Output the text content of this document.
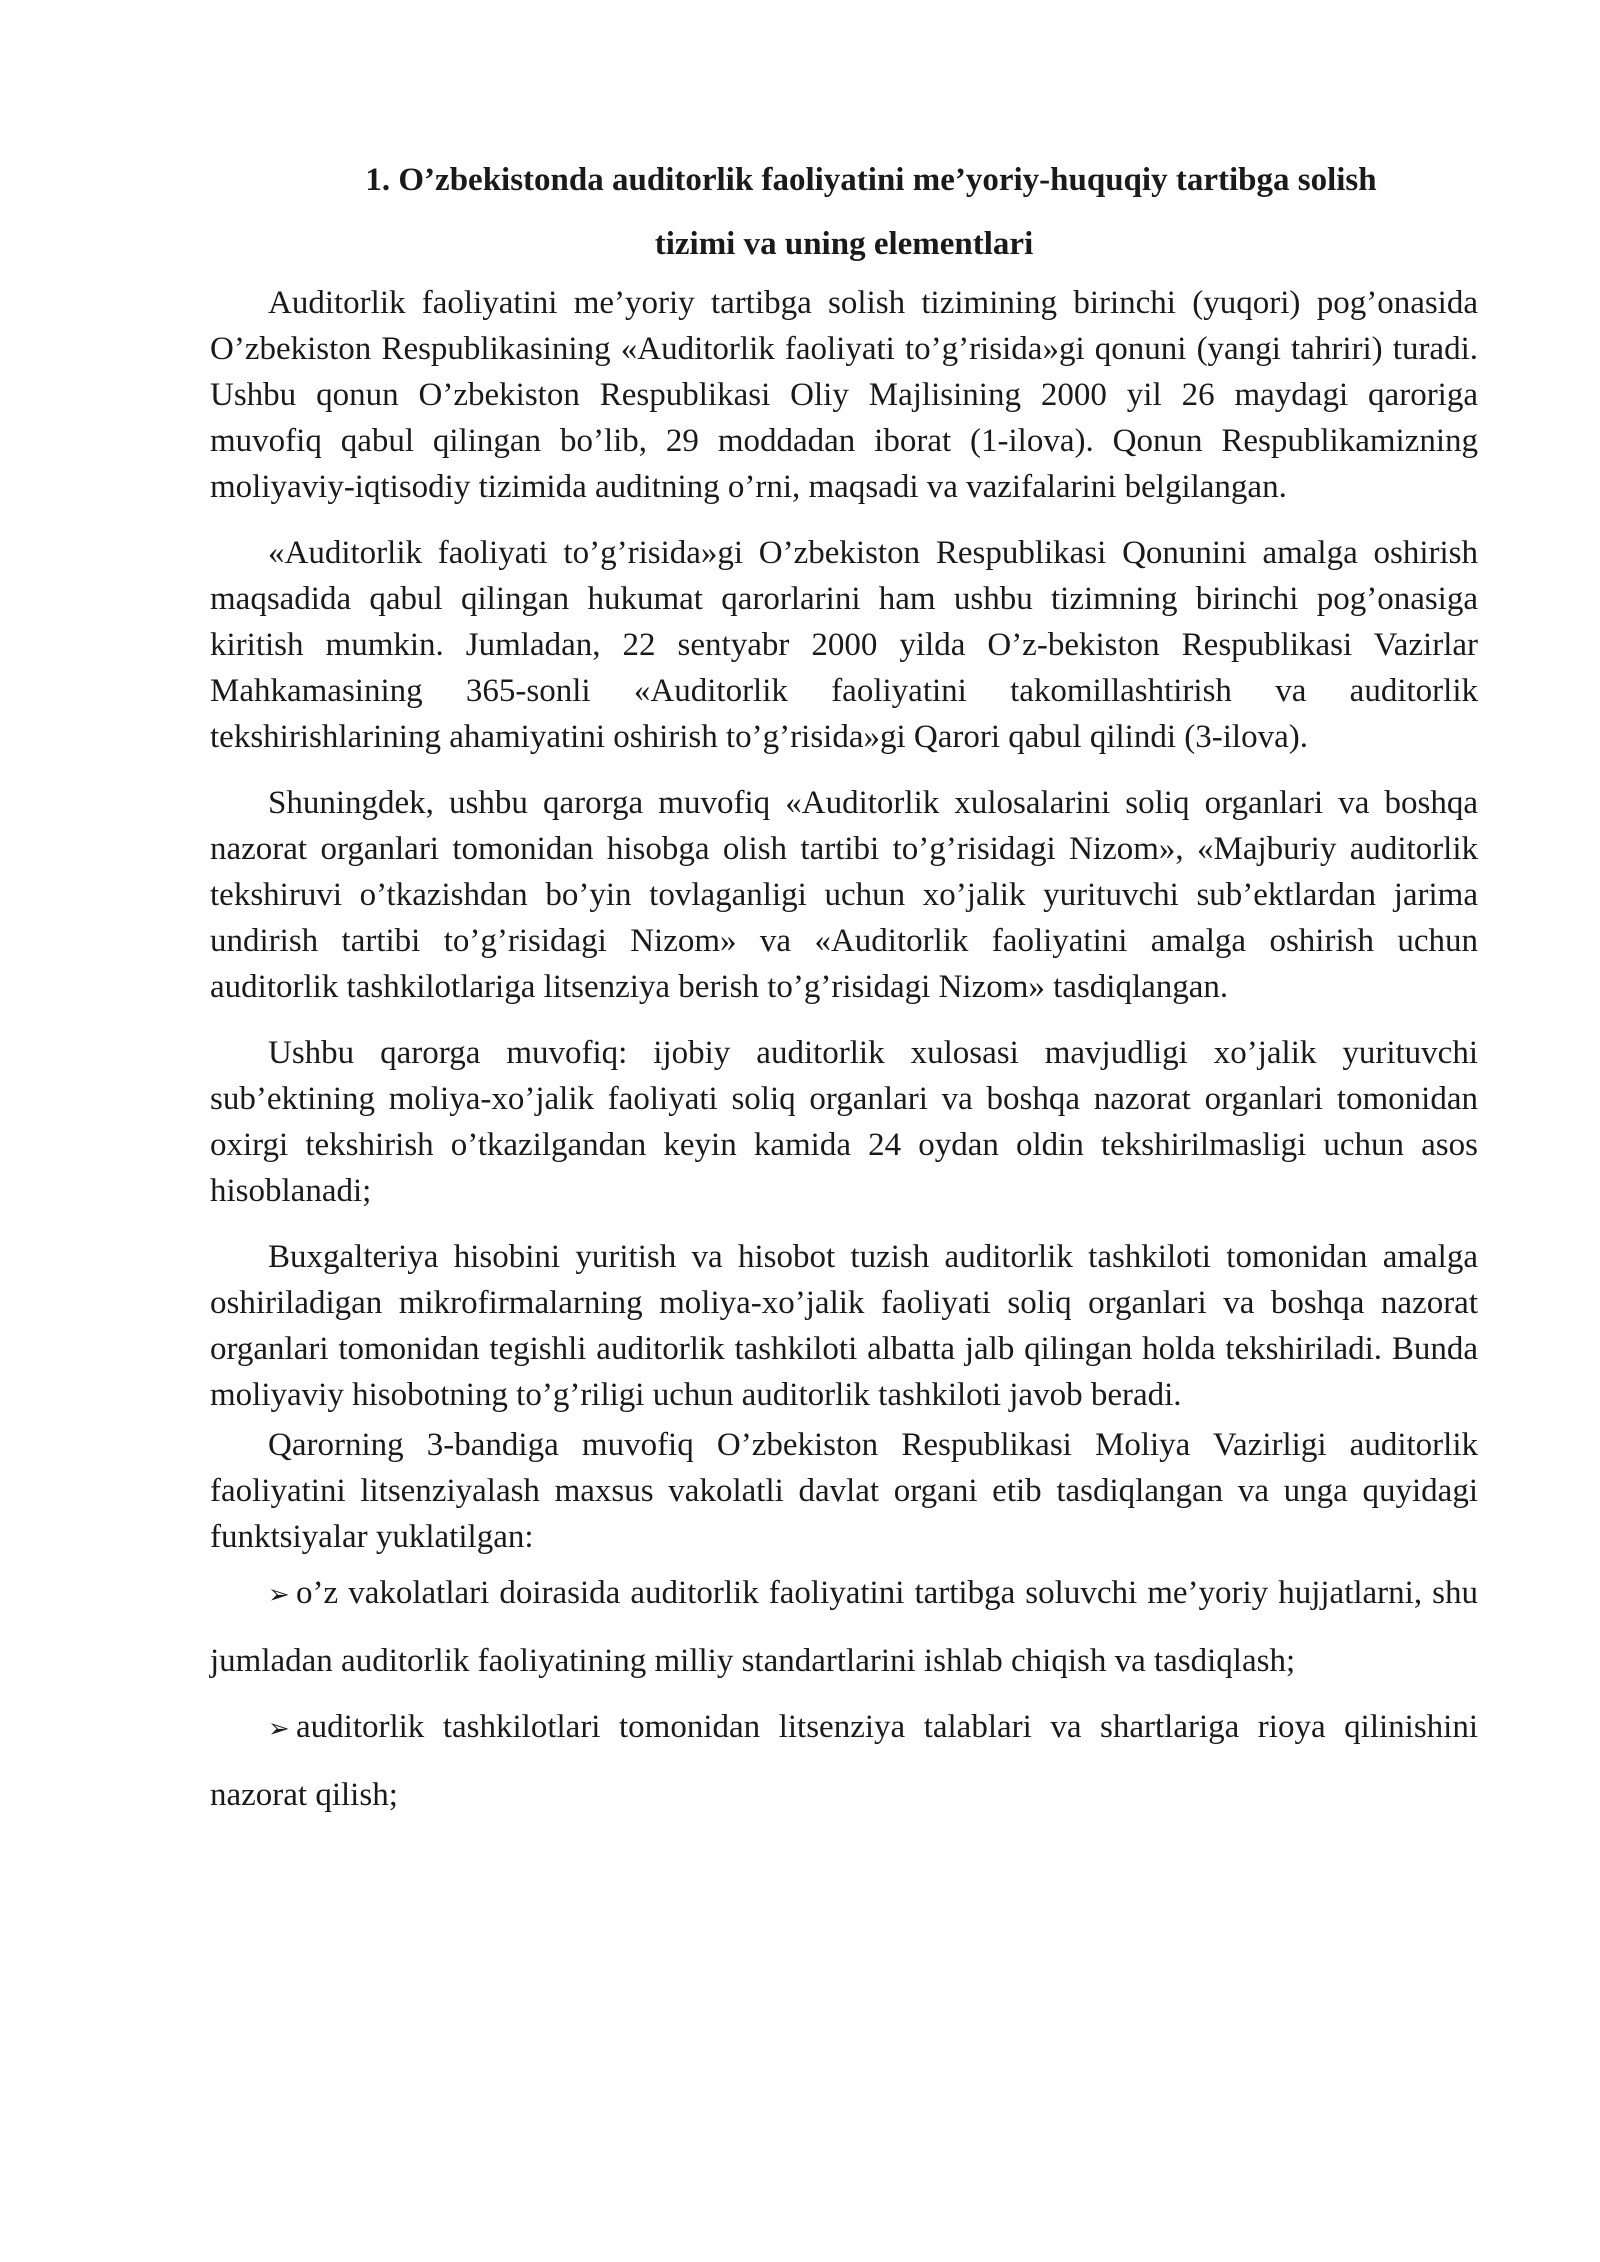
1. O’zbekistonda auditorlik faoliyatini me’yoriy-huquqiy tartibga solish
tizimi va uning elementlari

Auditorlik faoliyatini me’yoriy tartibga solish tizimining birinchi (yuqori) pog’onasida O’zbekiston Respublikasining «Auditorlik faoliyati to’g’risida»gi qonuni (yangi tahriri) turadi. Ushbu qonun O’zbekiston Respublikasi Oliy Majlisining 2000 yil 26 maydagi qaroriga muvofiq qabul qilingan bo’lib, 29 moddadan iborat (1-ilova). Qonun Respublikamizning moliyaviy-iqtisodiy tizimida auditning o’rni, maqsadi va vazifalarini belgilangan.

«Auditorlik faoliyati to’g’risida»gi O’zbekiston Respublikasi Qonunini amalga oshirish maqsadida qabul qilingan hukumat qarorlarini ham ushbu tizimning birinchi pog’onasiga kiritish mumkin. Jumladan, 22 sentyabr 2000 yilda O’z-bekiston Respublikasi Vazirlar Mahkamasining 365-sonli «Auditorlik faoliyatini takomillashtirish va auditorlik tekshirishlarining ahamiyatini oshirish to’g’risida»gi Qarori qabul qilindi (3-ilova).

Shuningdek, ushbu qarorga muvofiq «Auditorlik xulosalarini soliq organlari va boshqa nazorat organlari tomonidan hisobga olish tartibi to’g’risidagi Nizom», «Majburiy auditorlik tekshiruvi o’tkazishdan bo’yin tovlaganligi uchun xo’jalik yurituvchi sub’ektlardan jarima undirish tartibi to’g’risidagi Nizom» va «Auditorlik faoliyatini amalga oshirish uchun auditorlik tashkilotlariga litsenziya berish to’g’risidagi Nizom» tasdiqlangan.

Ushbu qarorga muvofiq: ijobiy auditorlik xulosasi mavjudligi xo’jalik yurituvchi sub’ektining moliya-xo’jalik faoliyati soliq organlari va boshqa nazorat organlari tomonidan oxirgi tekshirish o’tkazilgandan keyin kamida 24 oydan oldin tekshirilmasligi uchun asos hisoblanadi;

Buxgalteriya hisobini yuritish va hisobot tuzish auditorlik tashkiloti tomonidan amalga oshiriladigan mikrofirmalarning moliya-xo’jalik faoliyati soliq organlari va boshqa nazorat organlari tomonidan tegishli auditorlik tashkiloti albatta jalb qilingan holda tekshiriladi. Bunda moliyaviy hisobotning to’g’riligi uchun auditorlik tashkiloti javob beradi.

Qarorning 3-bandiga muvofiq O’zbekiston Respublikasi Moliya Vazirligi auditorlik faoliyatini litsenziyalash maxsus vakolatli davlat organi etib tasdiqlangan va unga quyidagi funktsiyalar yuklatilgan:

➢ o’z vakolatlari doirasida auditorlik faoliyatini tartibga soluvchi me’yoriy hujjatlarni, shu jumladan auditorlik faoliyatining milliy standartlarini ishlab chiqish va tasdiqlash;

➢ auditorlik tashkilotlari tomonidan litsenziya talablari va shartlariga rioya qilinishini nazorat qilish;
